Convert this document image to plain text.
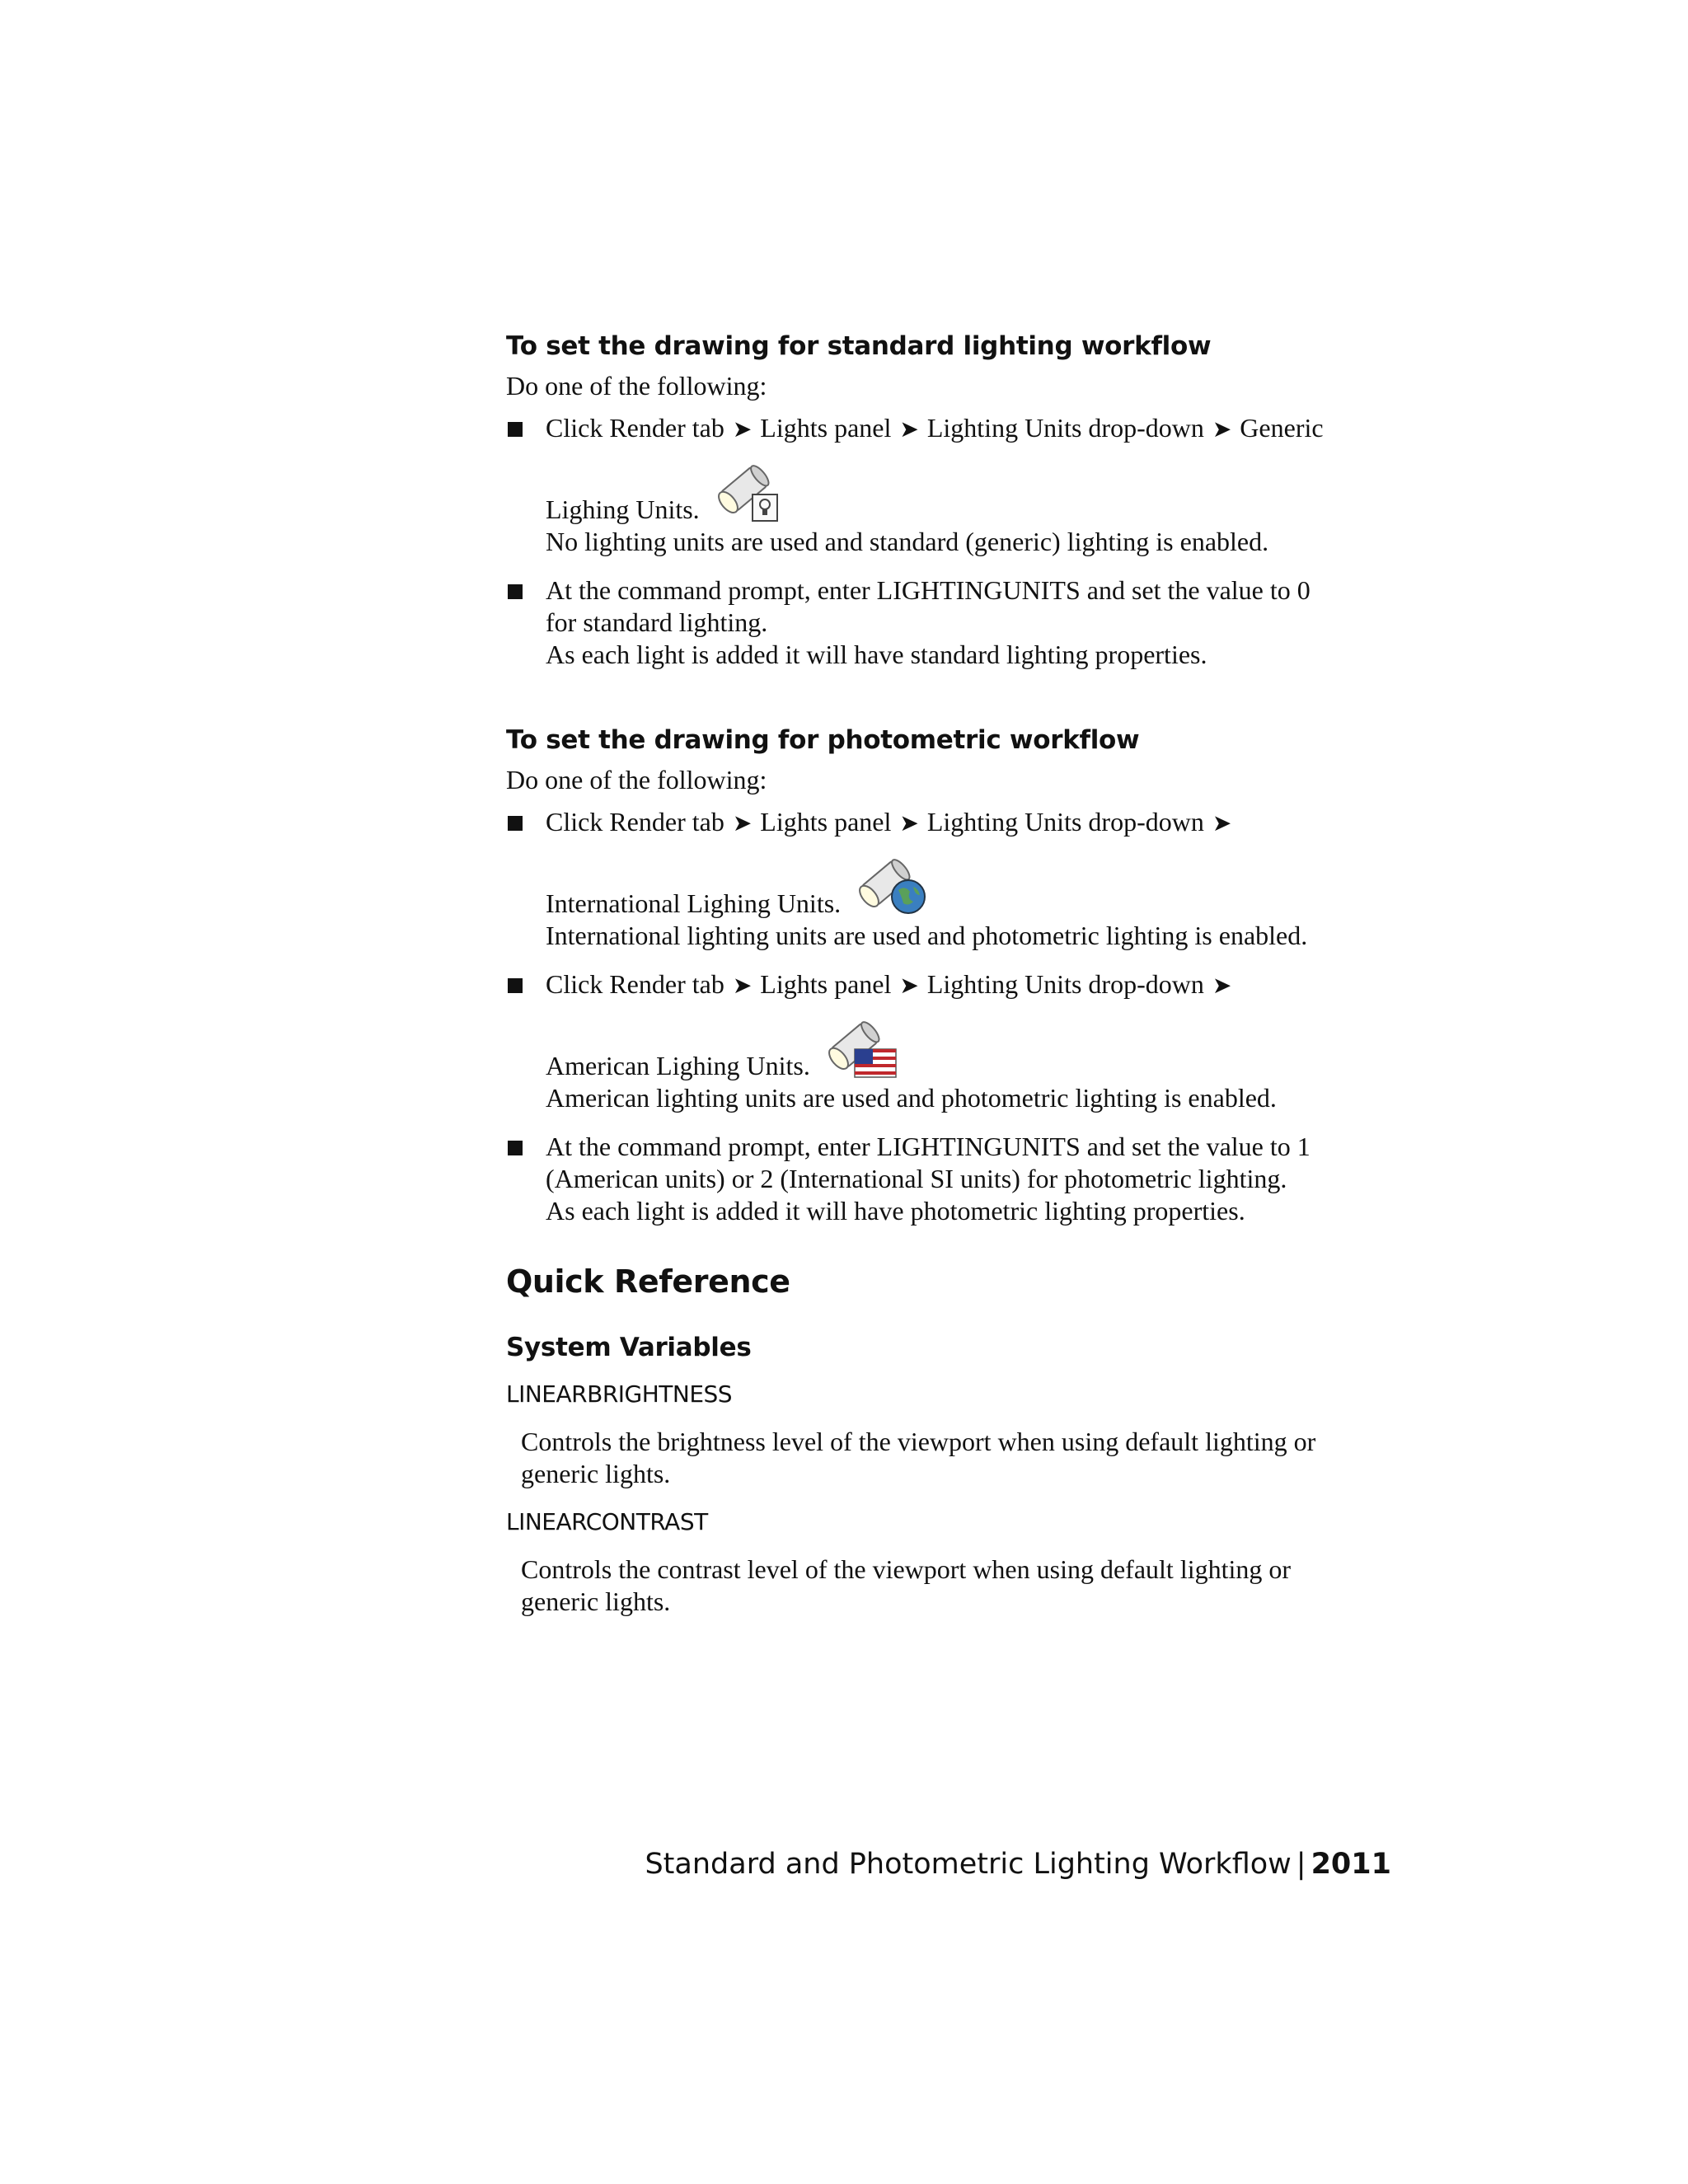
To set the drawing for standard lighting workflow

Do one of the following:

Click Render tab ➤ Lights panel ➤ Lighting Units drop-down ➤ Generic
Lighing Units.
No lighting units are used and standard (generic) lighting is enabled.
At the command prompt, enter LIGHTINGUNITS and set the value to 0
for standard lighting.
As each light is added it will have standard lighting properties.
To set the drawing for photometric workflow

Do one of the following:

Click Render tab ➤ Lights panel ➤ Lighting Units drop-down ➤
International Lighing Units.
International lighting units are used and photometric lighting is enabled.
Click Render tab ➤ Lights panel ➤ Lighting Units drop-down ➤
American Lighing Units.
American lighting units are used and photometric lighting is enabled.
At the command prompt, enter LIGHTINGUNITS and set the value to 1
(American units) or 2 (International SI units) for photometric lighting.
As each light is added it will have photometric lighting properties.
Quick Reference
System Variables
LINEARBRIGHTNESS
Controls the brightness level of the viewport when using default lighting or
generic lights.
LINEARCONTRAST
Controls the contrast level of the viewport when using default lighting or
generic lights.
Standard and Photometric Lighting Workflow | 2011
